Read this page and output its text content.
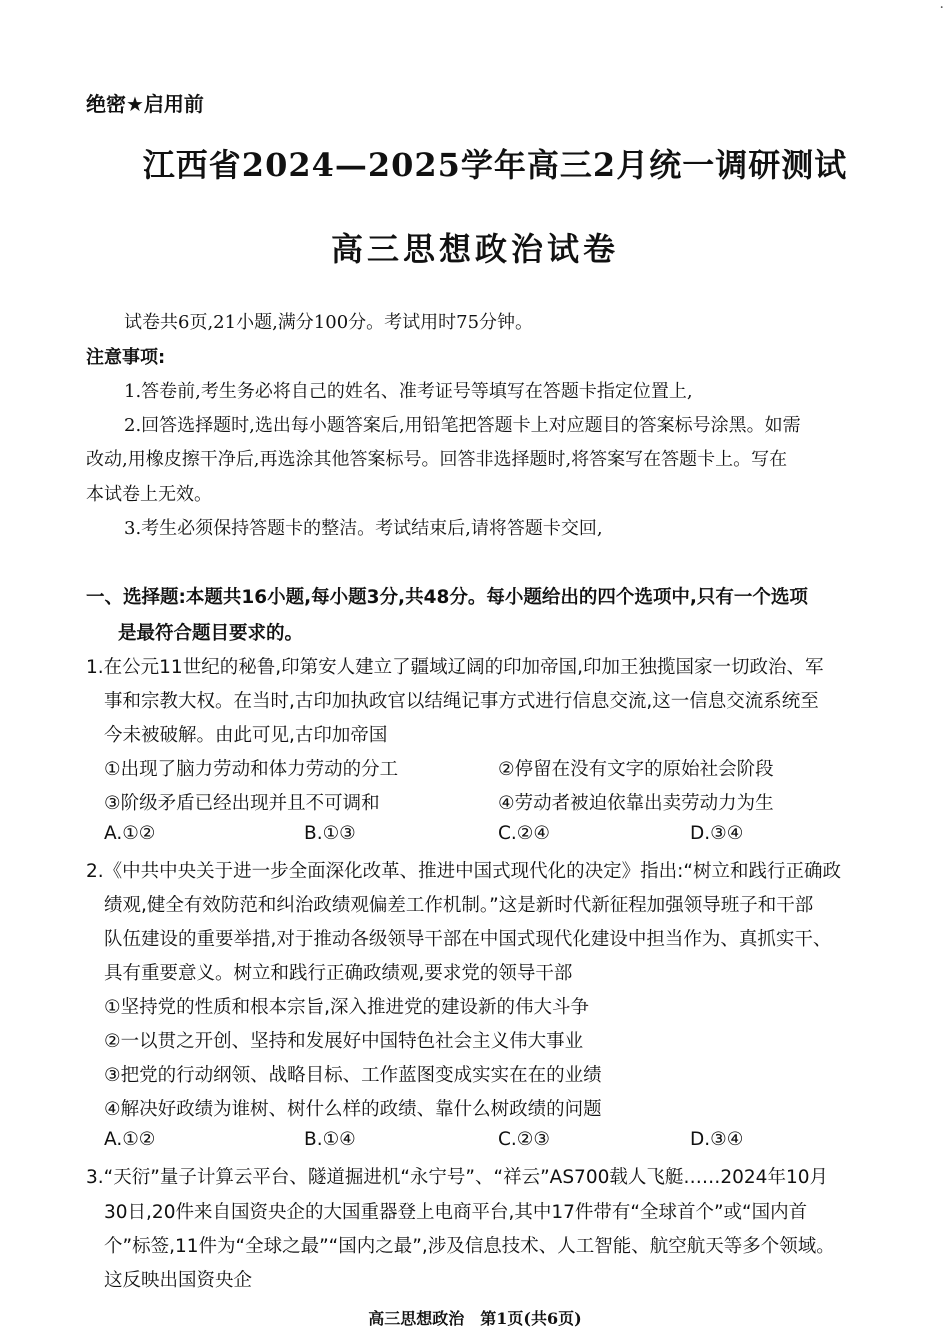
·
绝密★启用前
江西省2024—2025学年高三2月统一调研测试
高三思想政治试卷
试卷共6页,21小题,满分100分。考试用时75分钟。
注意事项:
1.答卷前,考生务必将自己的姓名、准考证号等填写在答题卡指定位置上,
2.回答选择题时,选出每小题答案后,用铅笔把答题卡上对应题目的答案标号涂黑。如需
改动,用橡皮擦干净后,再选涂其他答案标号。回答非选择题时,将答案写在答题卡上。写在
本试卷上无效。
3.考生必须保持答题卡的整洁。考试结束后,请将答题卡交回,
一、选择题:本题共16小题,每小题3分,共48分。每小题给出的四个选项中,只有一个选项
是最符合题目要求的。
1.在公元11世纪的秘鲁,印第安人建立了疆域辽阔的印加帝国,印加王独揽国家一切政治、军
事和宗教大权。在当时,古印加执政官以结绳记事方式进行信息交流,这一信息交流系统至
今未被破解。由此可见,古印加帝国
①出现了脑力劳动和体力劳动的分工	②停留在没有文字的原始社会阶段
③阶级矛盾已经出现并且不可调和	④劳动者被迫依靠出卖劳动力为生
A.①②	B.①③	C.②④	D.③④
2.《中共中央关于进一步全面深化改革、推进中国式现代化的决定》指出:“树立和践行正确政
绩观,健全有效防范和纠治政绩观偏差工作机制。”这是新时代新征程加强领导班子和干部
队伍建设的重要举措,对于推动各级领导干部在中国式现代化建设中担当作为、真抓实干、
具有重要意义。树立和践行正确政绩观,要求党的领导干部
①坚持党的性质和根本宗旨,深入推进党的建设新的伟大斗争
②一以贯之开创、坚持和发展好中国特色社会主义伟大事业
③把党的行动纲领、战略目标、工作蓝图变成实实在在的业绩
④解决好政绩为谁树、树什么样的政绩、靠什么树政绩的问题
A.①②	B.①④	C.②③	D.③④
3.“天衍”量子计算云平台、隧道掘进机“永宁号”、“祥云”AS700载人飞艇……2024年10月
30日,20件来自国资央企的大国重器登上电商平台,其中17件带有“全球首个”或“国内首
个”标签,11件为“全球之最”“国内之最”,涉及信息技术、人工智能、航空航天等多个领域。
这反映出国资央企
高三思想政治　第1页(共6页)
